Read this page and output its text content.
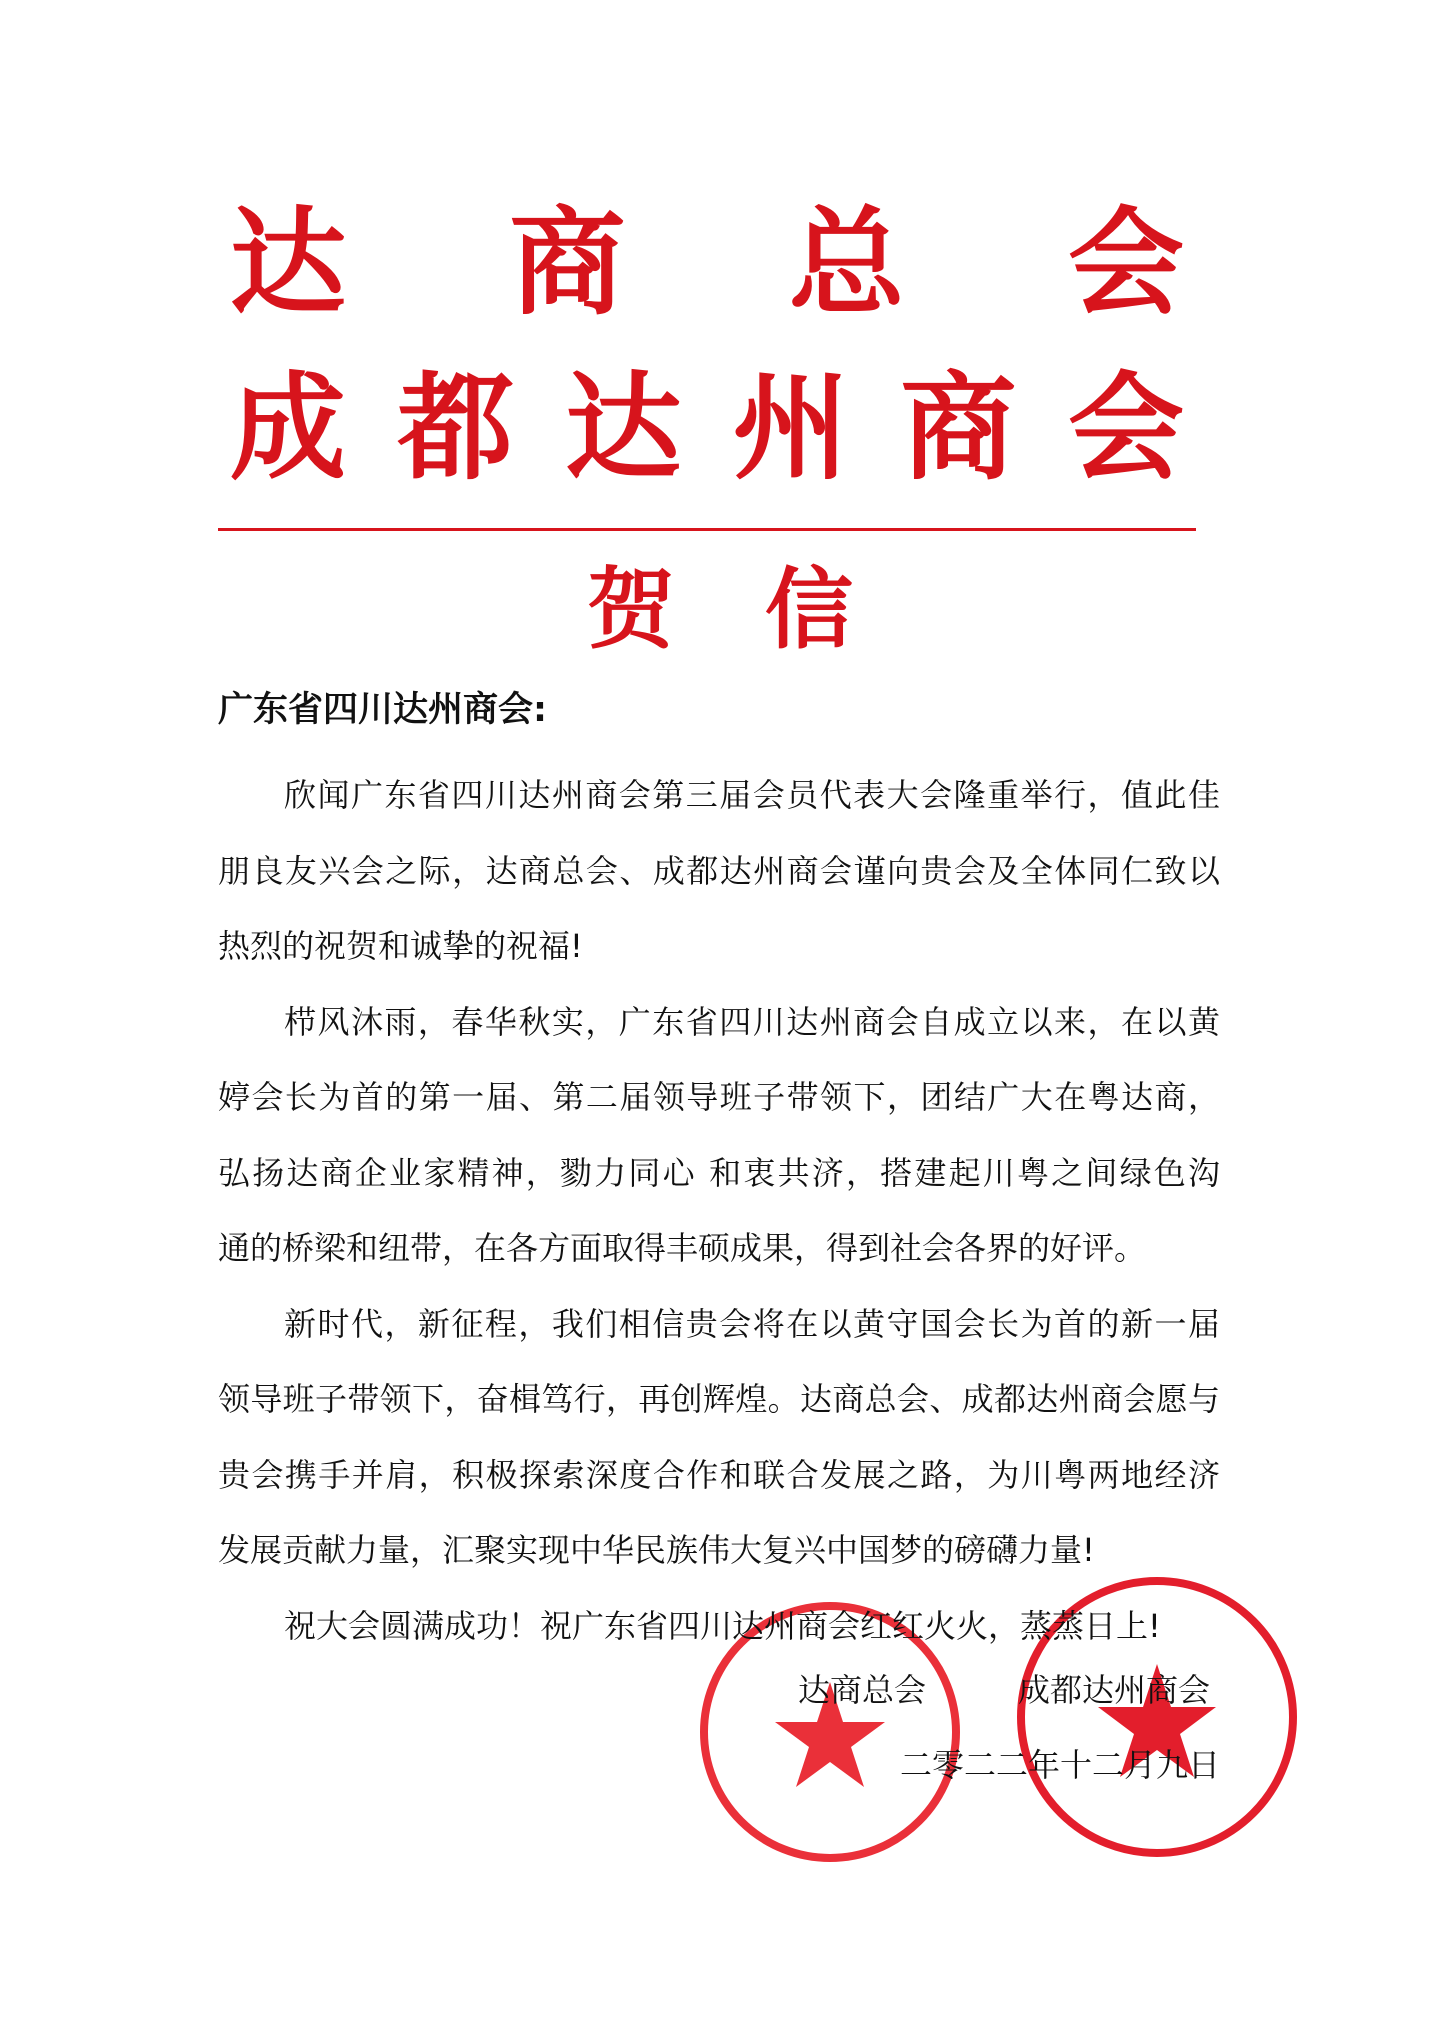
达 商 总 会
成 都 达 州 商 会
贺 信
广东省四川达州商会:
欣闻广东省四川达州商会第三届会员代表大会隆重举行，值此佳
朋良友兴会之际，达商总会、成都达州商会谨向贵会及全体同仁致以
热烈的祝贺和诚挚的祝福!
栉风沐雨，春华秋实，广东省四川达州商会自成立以来，在以黄
婷会长为首的第一届、第二届领导班子带领下，团结广大在粤达商，
弘扬达商企业家精神，勠力同心 和衷共济，搭建起川粤之间绿色沟
通的桥梁和纽带，在各方面取得丰硕成果，得到社会各界的好评。
新时代，新征程，我们相信贵会将在以黄守国会长为首的新一届
领导班子带领下，奋楫笃行，再创辉煌。达商总会、成都达州商会愿与
贵会携手并肩，积极探索深度合作和联合发展之路，为川粤两地经济
发展贡献力量，汇聚实现中华民族伟大复兴中国梦的磅礴力量!
祝大会圆满成功！祝广东省四川达州商会红红火火，蒸蒸日上!
达商总会	成都达州商会
二零二二年十二月九日
